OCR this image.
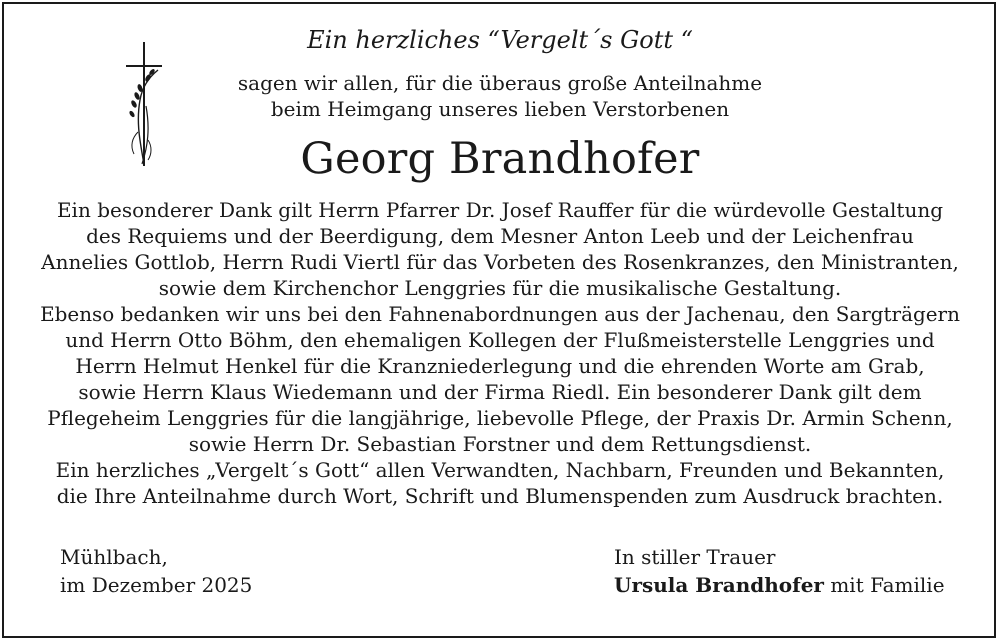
Ein herzliches “Vergelt´s Gott “
sagen wir allen, für die überaus große Anteilnahme
beim Heimgang unseres lieben Verstorbenen
Georg Brandhofer
Ein besonderer Dank gilt Herrn Pfarrer Dr. Josef Rauffer für die würdevolle Gestaltung
des Requiems und der Beerdigung, dem Mesner Anton Leeb und der Leichenfrau
Annelies Gottlob, Herrn Rudi Viertl für das Vorbeten des Rosenkranzes, den Ministranten,
sowie dem Kirchenchor Lenggries für die musikalische Gestaltung.
Ebenso bedanken wir uns bei den Fahnenabordnungen aus der Jachenau, den Sargträgern
und Herrn Otto Böhm, den ehemaligen Kollegen der Flußmeisterstelle Lenggries und
Herrn Helmut Henkel für die Kranzniederlegung und die ehrenden Worte am Grab,
sowie Herrn Klaus Wiedemann und der Firma Riedl. Ein besonderer Dank gilt dem
Pflegeheim Lenggries für die langjährige, liebevolle Pflege, der Praxis Dr. Armin Schenn,
sowie Herrn Dr. Sebastian Forstner und dem Rettungsdienst.
Ein herzliches „Vergelt´s Gott“ allen Verwandten, Nachbarn, Freunden und Bekannten,
die Ihre Anteilnahme durch Wort, Schrift und Blumenspenden zum Ausdruck brachten.
Mühlbach,
im Dezember 2025
In stiller Trauer
Ursula Brandhofer mit Familie
